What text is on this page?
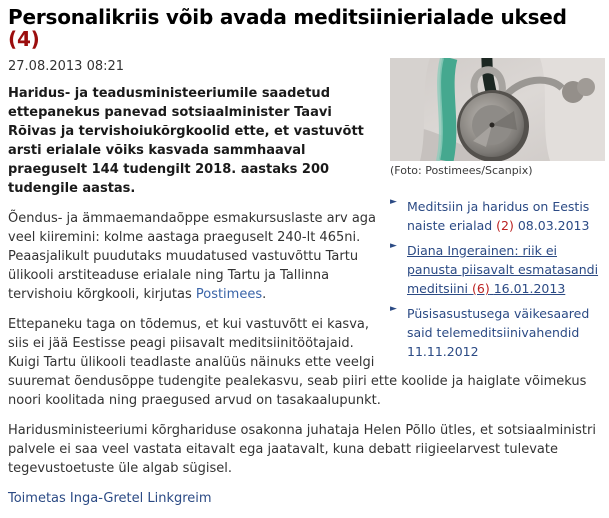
Personalikriis võib avada meditsiinierialade uksed
(4)
(Foto: Postimees/Scanpix)
► Meditsiin ja haridus on Eestis naiste erialad (2) 08.03.2013
► Diana Ingerainen: riik ei panusta piisavalt esmatasandi meditsiini (6) 16.01.2013
► Püsisasustusega väikesaared said telemeditsiinivahendid 11.11.2012

27.08.2013 08:21

Haridus- ja teadusministeeriumile saadetud ettepanekus panevad sotsiaalminister Taavi Rõivas ja tervishoiukõrgkoolid ette, et vastuvõtt arsti erialale võiks kasvada sammhaaval praeguselt 144 tudengilt 2018. aastaks 200 tudengile aastas.

Õendus- ja ämmaemandaõppe esmakursuslaste arv aga veel kiiremini: kolme aastaga praeguselt 240-lt 465ni. Peaasjalikult puudutaks muudatused vastuvõttu Tartu ülikooli arstiteaduse erialale ning Tartu ja Tallinna tervishoiu kõrgkooli, kirjutas Postimees.

Ettepaneku taga on tõdemus, et kui vastuvõtt ei kasva, siis ei jää Eestisse peagi piisavalt meditsiinitöötajaid. Kuigi Tartu ülikooli teadlaste analüüs näinuks ette veelgi suuremat õendusõppe tudengite pealekasvu, seab piiri ette koolide ja haiglate võimekus noori koolitada ning praegused arvud on tasakaalupunkt.

Haridusministeeriumi kõrghariduse osakonna juhataja Helen Põllo ütles, et sotsiaalministri palvele ei saa veel vastata eitavalt ega jaatavalt, kuna debatt riigieelarvest tulevate tegevustoetuste üle algab sügisel.

Toimetas Inga-Gretel Linkgreim
